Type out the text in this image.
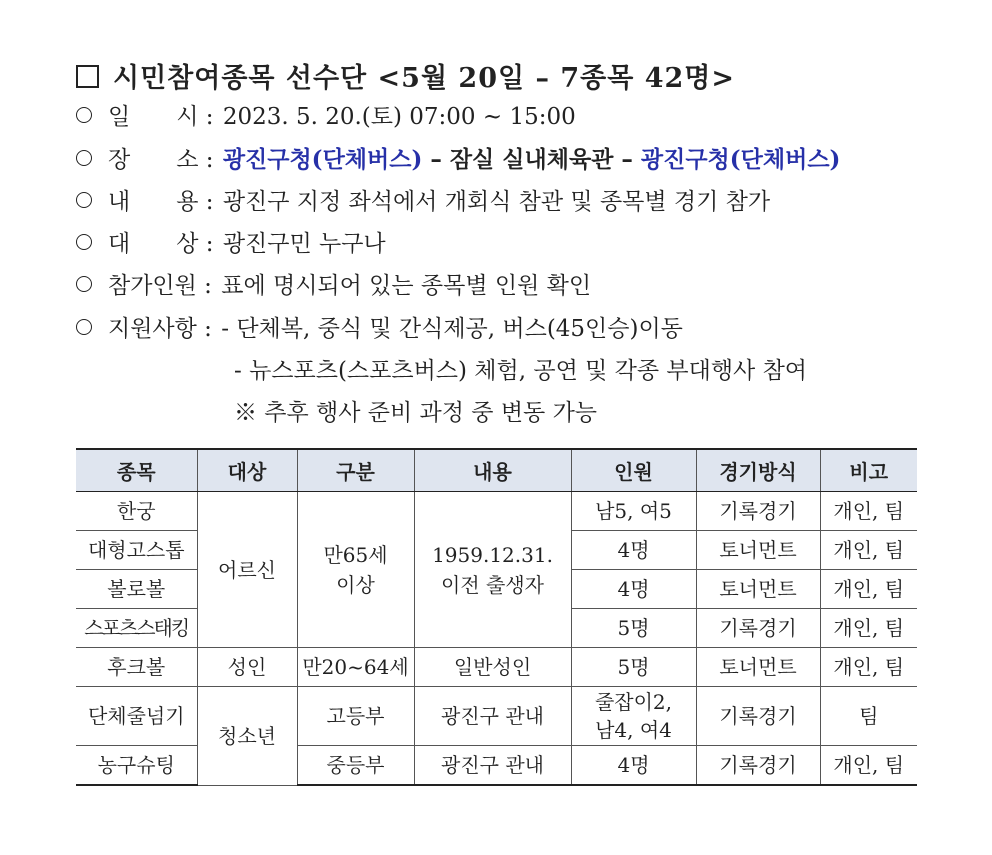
시민참여종목 선수단 <5월 20일 – 7종목 42명>
일　　시 : 2023. 5. 20.(토) 07:00 ~ 15:00
장　　소 : 광진구청(단체버스) – 잠실 실내체육관 – 광진구청(단체버스)
내　　용 : 광진구 지정 좌석에서 개회식 참관 및 종목별 경기 참가
대　　상 : 광진구민 누구나
참가인원 : 표에 명시되어 있는 종목별 인원 확인
지원사항 : - 단체복, 중식 및 간식제공, 버스(45인승)이동
- 뉴스포츠(스포츠버스) 체험, 공연 및 각종 부대행사 참여
※ 추후 행사 준비 과정 중 변동 가능
종목	대상	구분	내용	인원	경기방식	비고
한궁	어르신	만65세
이상	1959.12.31.
이전 출생자	남5, 여5	기록경기	개인, 팀
대형고스톱				4명	토너먼트	개인, 팀
볼로볼				4명	토너먼트	개인, 팀
스포츠스태킹				5명	기록경기	개인, 팀
후크볼	성인	만20~64세	일반성인	5명	토너먼트	개인, 팀
단체줄넘기	청소년	고등부	광진구 관내	줄잡이2,
남4, 여4	기록경기	팀
농구슈팅		중등부	광진구 관내	4명	기록경기	개인, 팀
